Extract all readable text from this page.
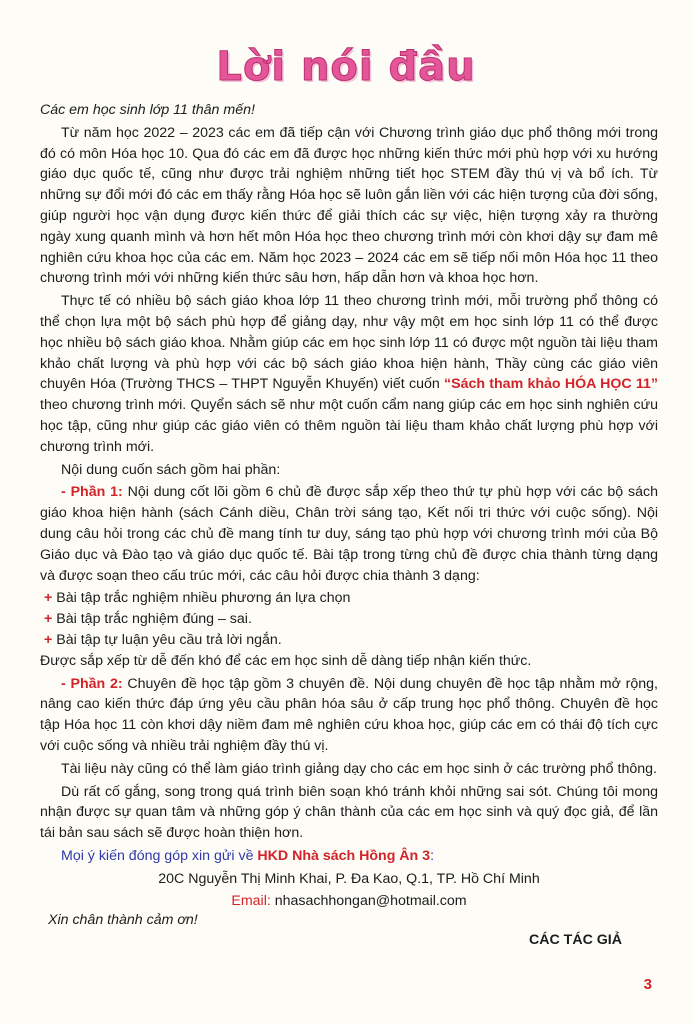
Lời nói đầu

Các em học sinh lớp 11 thân mến!

Từ năm học 2022 – 2023 các em đã tiếp cận với Chương trình giáo dục phổ thông mới trong đó có môn Hóa học 10. Qua đó các em đã được học những kiến thức mới phù hợp với xu hướng giáo dục quốc tế, cũng như được trải nghiệm những tiết học STEM đầy thú vị và bổ ích. Từ những sự đổi mới đó các em thấy rằng Hóa học sẽ luôn gắn liền với các hiện tượng của đời sống, giúp người học vận dụng được kiến thức để giải thích các sự việc, hiện tượng xảy ra thường ngày xung quanh mình và hơn hết môn Hóa học theo chương trình mới còn khơi dậy sự đam mê nghiên cứu khoa học của các em. Năm học 2023 – 2024 các em sẽ tiếp nối môn Hóa học 11 theo chương trình mới với những kiến thức sâu hơn, hấp dẫn hơn và khoa học hơn.

Thực tế có nhiều bộ sách giáo khoa lớp 11 theo chương trình mới, mỗi trường phổ thông có thể chọn lựa một bộ sách phù hợp để giảng dạy, như vậy một em học sinh lớp 11 có thể được học nhiều bộ sách giáo khoa. Nhằm giúp các em học sinh lớp 11 có được một nguồn tài liệu tham khảo chất lượng và phù hợp với các bộ sách giáo khoa hiện hành, Thầy cùng các giáo viên chuyên Hóa (Trường THCS – THPT Nguyễn Khuyến) viết cuốn “Sách tham khảo HÓA HỌC 11” theo chương trình mới. Quyển sách sẽ như một cuốn cẩm nang giúp các em học sinh nghiên cứu học tập, cũng như giúp các giáo viên có thêm nguồn tài liệu tham khảo chất lượng phù hợp với chương trình mới.

Nội dung cuốn sách gồm hai phần:

- Phần 1: Nội dung cốt lõi gồm 6 chủ đề được sắp xếp theo thứ tự phù hợp với các bộ sách giáo khoa hiện hành (sách Cánh diều, Chân trời sáng tạo, Kết nối tri thức với cuộc sống). Nội dung câu hỏi trong các chủ đề mang tính tư duy, sáng tạo phù hợp với chương trình mới của Bộ Giáo dục và Đào tạo và giáo dục quốc tế. Bài tập trong từng chủ đề được chia thành từng dạng và được soạn theo cấu trúc mới, các câu hỏi được chia thành 3 dạng:

+ Bài tập trắc nghiệm nhiều phương án lựa chọn
+ Bài tập trắc nghiệm đúng – sai.
+ Bài tập tự luận yêu cầu trả lời ngắn.

Được sắp xếp từ dễ đến khó để các em học sinh dễ dàng tiếp nhận kiến thức.

- Phần 2: Chuyên đề học tập gồm 3 chuyên đề. Nội dung chuyên đề học tập nhằm mở rộng, nâng cao kiến thức đáp ứng yêu cầu phân hóa sâu ở cấp trung học phổ thông. Chuyên đề học tập Hóa học 11 còn khơi dậy niềm đam mê nghiên cứu khoa học, giúp các em có thái độ tích cực với cuộc sống và nhiều trải nghiệm đầy thú vị.

Tài liệu này cũng có thể làm giáo trình giảng dạy cho các em học sinh ở các trường phổ thông.

Dù rất cố gắng, song trong quá trình biên soạn khó tránh khỏi những sai sót. Chúng tôi mong nhận được sự quan tâm và những góp ý chân thành của các em học sinh và quý đọc giả, để lần tái bản sau sách sẽ được hoàn thiện hơn.

Mọi ý kiến đóng góp xin gửi về HKD Nhà sách Hồng Ân 3:

20C Nguyễn Thị Minh Khai, P. Đa Kao, Q.1, TP. Hồ Chí Minh

Email: nhasachhongan@hotmail.com

Xin chân thành cảm ơn!
CÁC TÁC GIẢ
3
